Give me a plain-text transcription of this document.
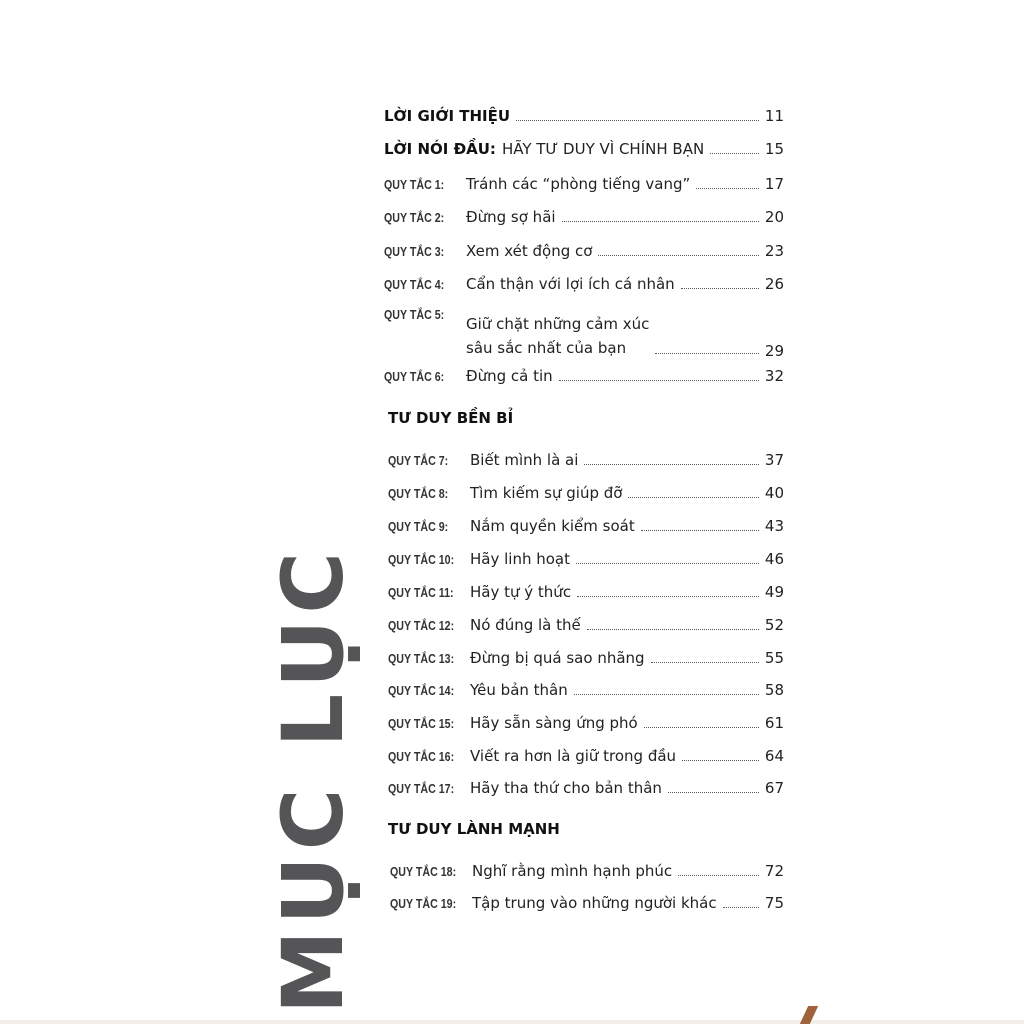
MỤC LỤC
LỜI GIỚI THIỆU	11
LỜI NÓI ĐẦU: HÃY TƯ DUY VÌ CHÍNH BẠN	15
QUY TẮC 1:	Tránh các “phòng tiếng vang”	17
QUY TẮC 2:	Đừng sợ hãi	20
QUY TẮC 3:	Xem xét động cơ	23
QUY TẮC 4:	Cẩn thận với lợi ích cá nhân	26
QUY TẮC 5:
Giữ chặt những cảm xúc
sâu sắc nhất của bạn	29
QUY TẮC 6:	Đừng cả tin	32
TƯ DUY BỀN BỈ
QUY TẮC 7:	Biết mình là ai	37
QUY TẮC 8:	Tìm kiếm sự giúp đỡ	40
QUY TẮC 9:	Nắm quyền kiểm soát	43
QUY TẮC 10: Hãy linh hoạt	46
QUY TẮC 11: Hãy tự ý thức	49
QUY TẮC 12: Nó đúng là thế	52
QUY TẮC 13: Đừng bị quá sao nhãng	55
QUY TẮC 14: Yêu bản thân	58
QUY TẮC 15: Hãy sẵn sàng ứng phó	61
QUY TẮC 16: Viết ra hơn là giữ trong đầu	64
QUY TẮC 17: Hãy tha thứ cho bản thân	67
TƯ DUY LÀNH MẠNH
QUY TẮC 18: Nghĩ rằng mình hạnh phúc	72
QUY TẮC 19: Tập trung vào những người khác	75
